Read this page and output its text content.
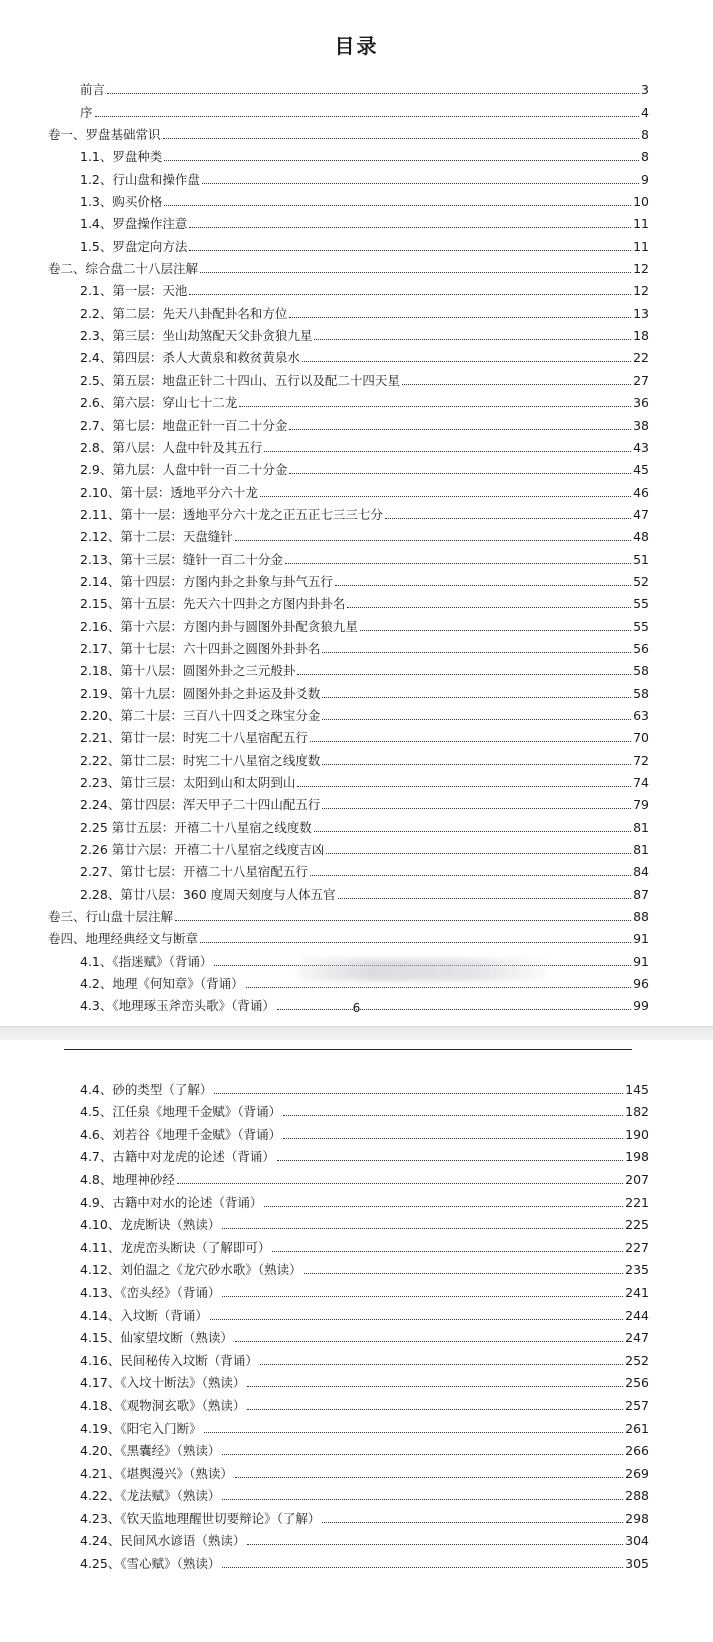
目录
前言	3
序	4
卷一、罗盘基础常识	8
1.1、罗盘种类	8
1.2、行山盘和操作盘	9
1.3、购买价格	10
1.4、罗盘操作注意	11
1.5、罗盘定向方法	11
卷二、综合盘二十八层注解	12
2.1、第一层：天池	12
2.2、第二层：先天八卦配卦名和方位	13
2.3、第三层：坐山劫煞配天父卦贪狼九星	18
2.4、第四层：杀人大黄泉和救贫黄泉水	22
2.5、第五层：地盘正针二十四山、五行以及配二十四天星	27
2.6、第六层：穿山七十二龙	36
2.7、第七层：地盘正针一百二十分金	38
2.8、第八层：人盘中针及其五行	43
2.9、第九层：人盘中针一百二十分金	45
2.10、第十层：透地平分六十龙	46
2.11、第十一层：透地平分六十龙之正五正七三三七分	47
2.12、第十二层：天盘缝针	48
2.13、第十三层：缝针一百二十分金	51
2.14、第十四层：方图内卦之卦象与卦气五行	52
2.15、第十五层：先天六十四卦之方图内卦卦名	55
2.16、第十六层：方图内卦与圆图外卦配贪狼九星	55
2.17、第十七层：六十四卦之圆图外卦卦名	56
2.18、第十八层：圆图外卦之三元般卦	58
2.19、第十九层：圆图外卦之卦运及卦爻数	58
2.20、第二十层：三百八十四爻之珠宝分金	63
2.21、第廿一层：时宪二十八星宿配五行	70
2.22、第廿二层：时宪二十八星宿之线度数	72
2.23、第廿三层：太阳到山和太阴到山	74
2.24、第廿四层：浑天甲子二十四山配五行	79
2.25 第廿五层：开禧二十八星宿之线度数	81
2.26 第廿六层：开禧二十八星宿之线度吉凶	81
2.27、第廿七层：开禧二十八星宿配五行	84
2.28、第廿八层：360 度周天刻度与人体五官	87
卷三、行山盘十层注解	88
卷四、地理经典经文与断章	91
4.1、《指迷赋》（背诵）	91
4.2、地理《何知章》（背诵）	96
4.3、《地理琢玉斧峦头歌》（背诵）	99
6
4.4、砂的类型（了解）	145
4.5、江任泉《地理千金赋》（背诵）	182
4.6、刘若谷《地理千金赋》（背诵）	190
4.7、古籍中对龙虎的论述（背诵）	198
4.8、地理神砂经	207
4.9、古籍中对水的论述（背诵）	221
4.10、龙虎断诀（熟读）	225
4.11、龙虎峦头断诀（了解即可）	227
4.12、刘伯温之《龙穴砂水歌》（熟读）	235
4.13、《峦头经》（背诵）	241
4.14、入坟断（背诵）	244
4.15、仙家望坟断（熟读）	247
4.16、民间秘传入坟断（背诵）	252
4.17、《入坟十断法》（熟读）	256
4.18、《观物洞玄歌》（熟读）	257
4.19、《阳宅入门断》	261
4.20、《黑囊经》（熟读）	266
4.21、《堪舆漫兴》（熟读）	269
4.22、《龙法赋》（熟读）	288
4.23、《钦天监地理醒世切要辩论》（了解）	298
4.24、民间风水谚语（熟读）	304
4.25、《雪心赋》（熟读）	305
